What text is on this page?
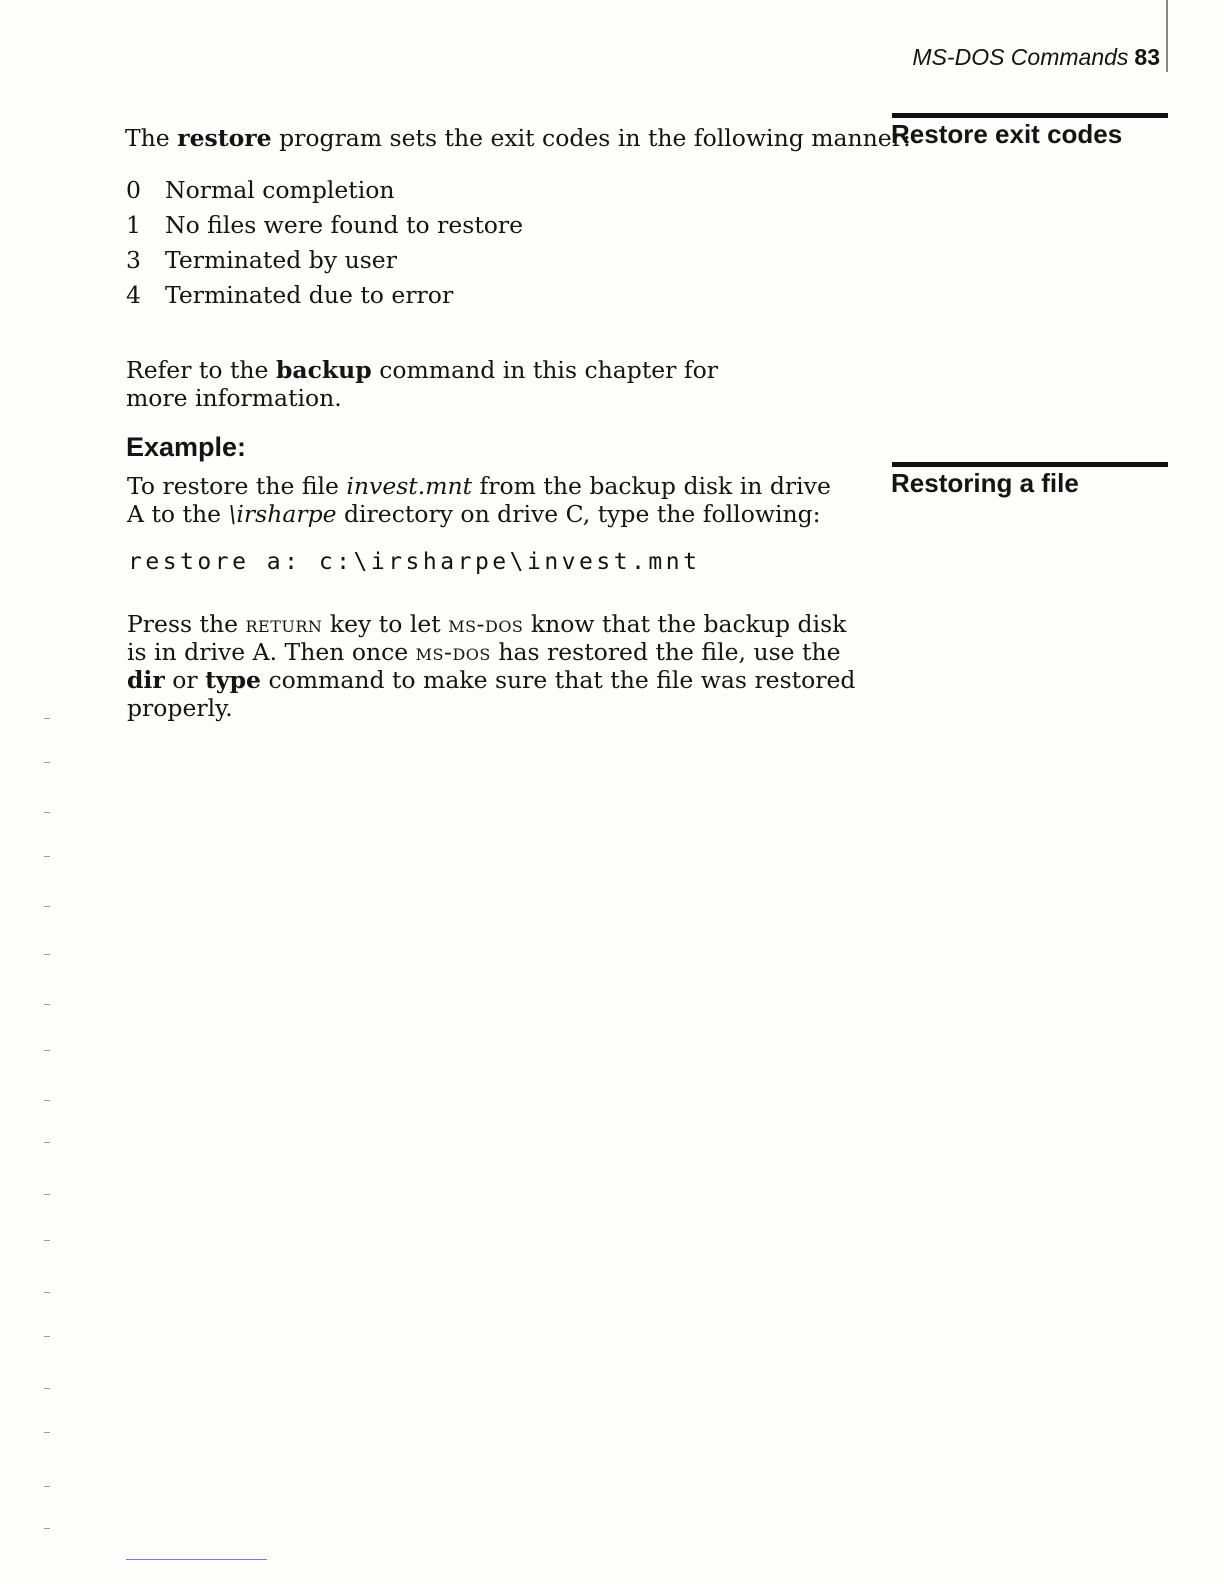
MS-DOS Commands 83
Restore exit codes
Restoring a file
The restore program sets the exit codes in the following manner:
0	Normal completion
1	No files were found to restore
3	Terminated by user
4	Terminated due to error
Refer to the backup command in this chapter for more information.
Example:
To restore the file invest.mnt from the backup disk in drive A to the \irsharpe directory on drive C, type the following:
restore a: c:\irsharpe\invest.mnt
Press the return key to let ms-dos know that the backup disk is in drive A. Then once ms-dos has restored the file, use the dir or type command to make sure that the file was restored properly.
